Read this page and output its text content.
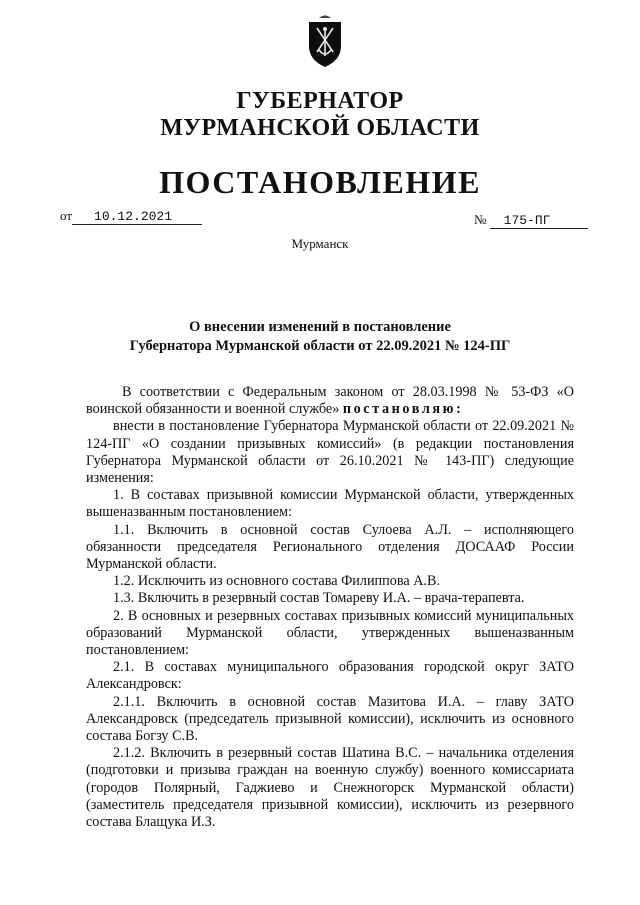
ГУБЕРНАТОР
МУРМАНСКОЙ ОБЛАСТИ
ПОСТАНОВЛЕНИЕ
от 10.12.2021	№ 175-ПГ
Мурманск
О внесении изменений в постановление
Губернатора Мурманской области от 22.09.2021 № 124-ПГ

В соответствии с Федеральным законом от 28.03.1998 № 53-ФЗ «О воинской обязанности и военной службе» постановляю:

внести в постановление Губернатора Мурманской области от 22.09.2021 № 124-ПГ «О создании призывных комиссий» (в редакции постановления Губернатора Мурманской области от 26.10.2021 № 143-ПГ) следующие изменения:

1. В составах призывной комиссии Мурманской области, утвержденных вышеназванным постановлением:

1.1. Включить в основной состав Сулоева А.Л. – исполняющего обязанности председателя Регионального отделения ДОСААФ России Мурманской области.

1.2. Исключить из основного состава Филиппова А.В.

1.3. Включить в резервный состав Томареву И.А. – врача-терапевта.

2. В основных и резервных составах призывных комиссий муниципальных образований Мурманской области, утвержденных вышеназванным постановлением:

2.1. В составах муниципального образования городской округ ЗАТО Александровск:

2.1.1. Включить в основной состав Мазитова И.А. – главу ЗАТО Александровск (председатель призывной комиссии), исключить из основного состава Богзу С.В.

2.1.2. Включить в резервный состав Шатина В.С. – начальника отделения (подготовки и призыва граждан на военную службу) военного комиссариата (городов Полярный, Гаджиево и Снежногорск Мурманской области) (заместитель председателя призывной комиссии), исключить из резервного состава Блащука И.З.
